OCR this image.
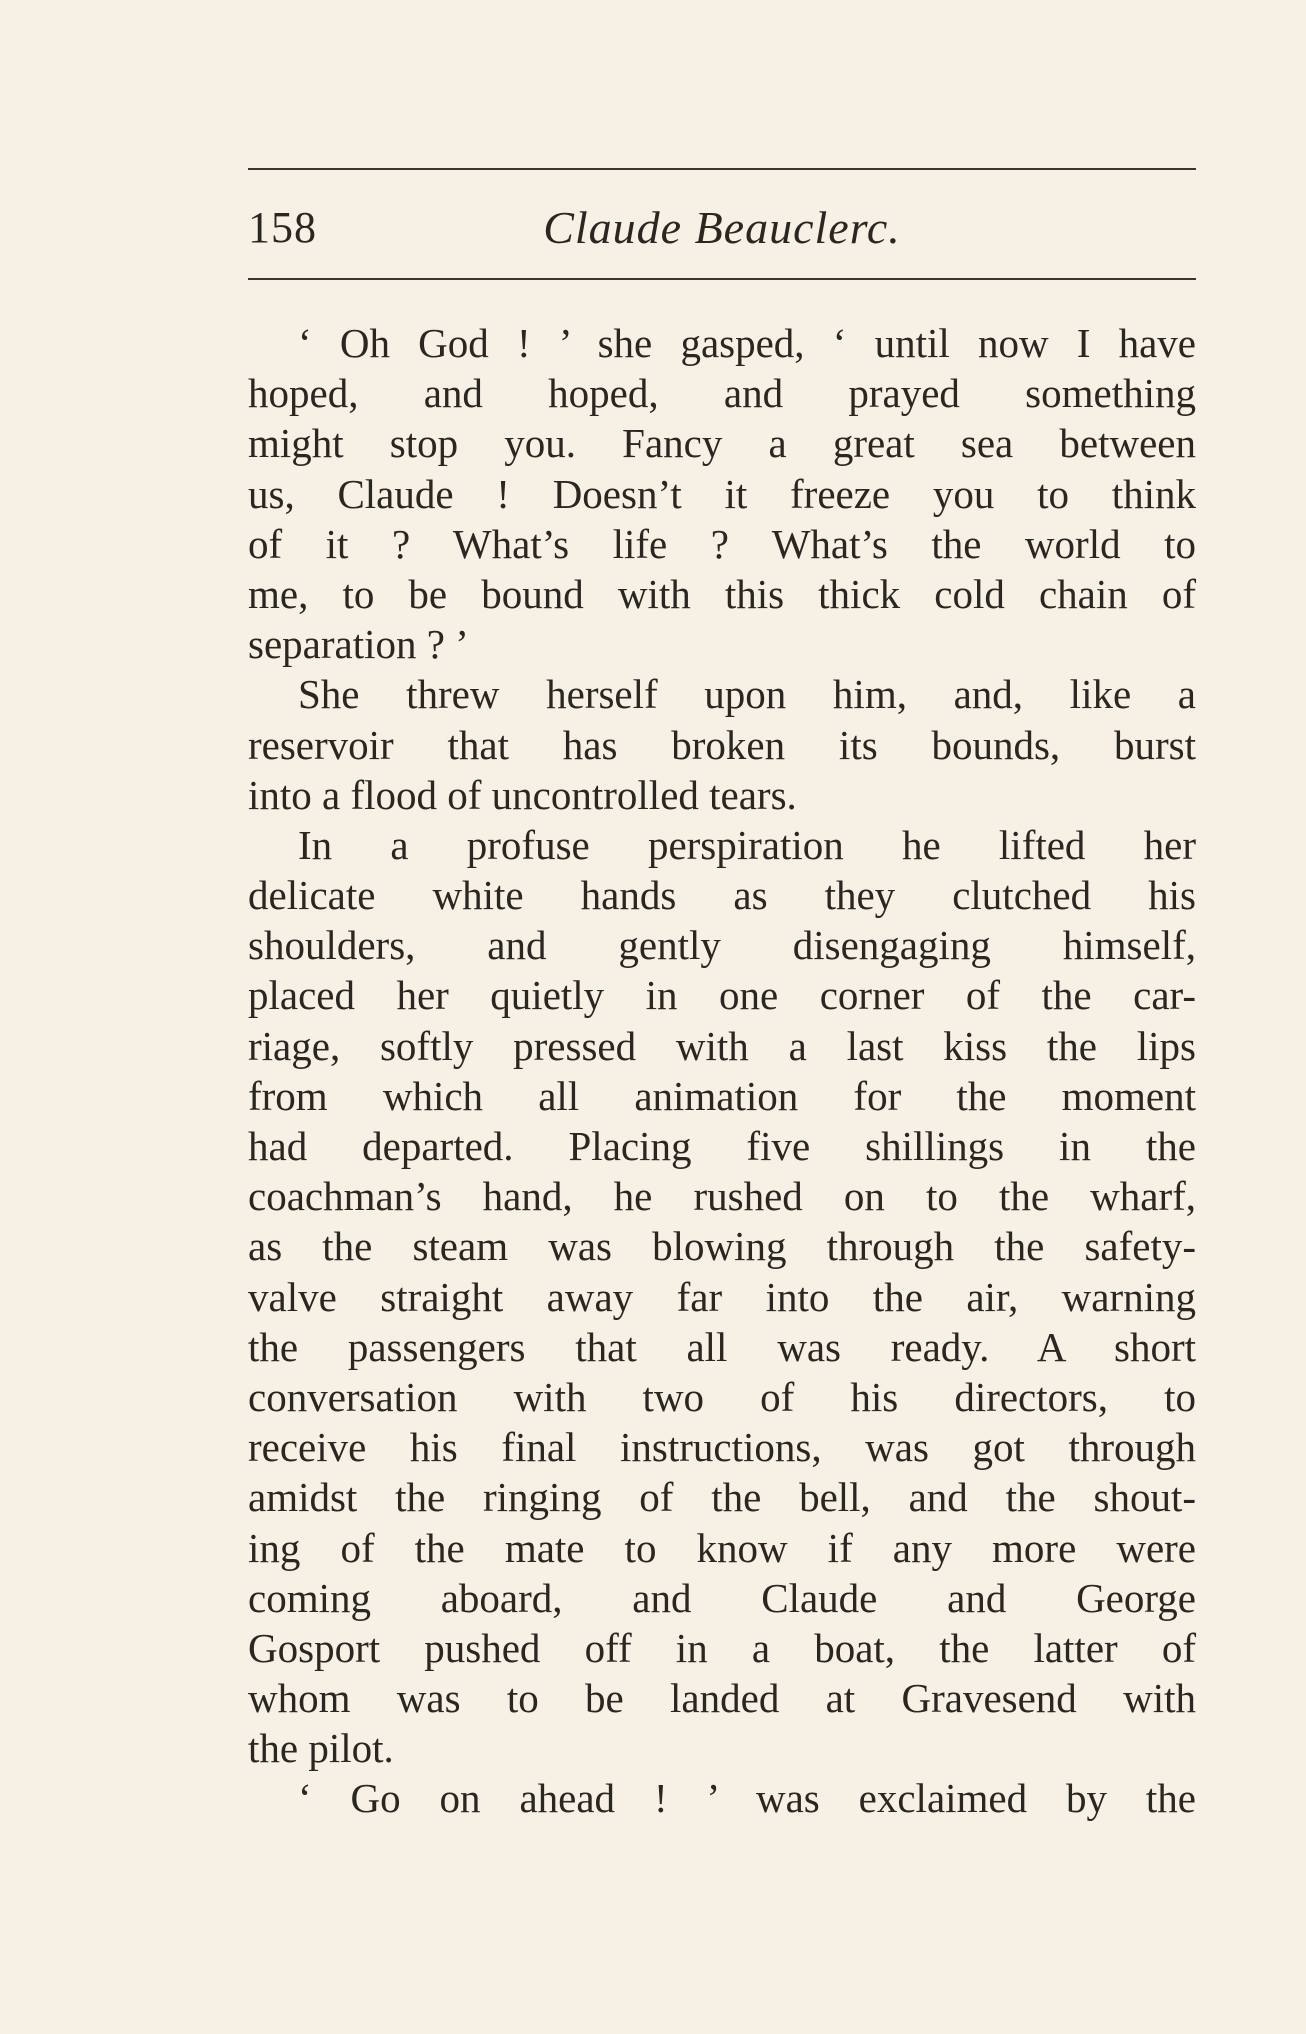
158	Claude Beauclerc.
‘ Oh God ! ’ she gasped, ‘ until now I have
hoped, and hoped, and prayed something
might stop you. Fancy a great sea between
us, Claude ! Doesn’t it freeze you to think
of it ? What’s life ? What’s the world to
me, to be bound with this thick cold chain of
separation ? ’
She threw herself upon him, and, like a
reservoir that has broken its bounds, burst
into a flood of uncontrolled tears.
In a profuse perspiration he lifted her
delicate white hands as they clutched his
shoulders, and gently disengaging himself,
placed her quietly in one corner of the car-
riage, softly pressed with a last kiss the lips
from which all animation for the moment
had departed. Placing five shillings in the
coachman’s hand, he rushed on to the wharf,
as the steam was blowing through the safety-
valve straight away far into the air, warning
the passengers that all was ready. A short
conversation with two of his directors, to
receive his final instructions, was got through
amidst the ringing of the bell, and the shout-
ing of the mate to know if any more were
coming aboard, and Claude and George
Gosport pushed off in a boat, the latter of
whom was to be landed at Gravesend with
the pilot.
‘ Go on ahead ! ’ was exclaimed by the
